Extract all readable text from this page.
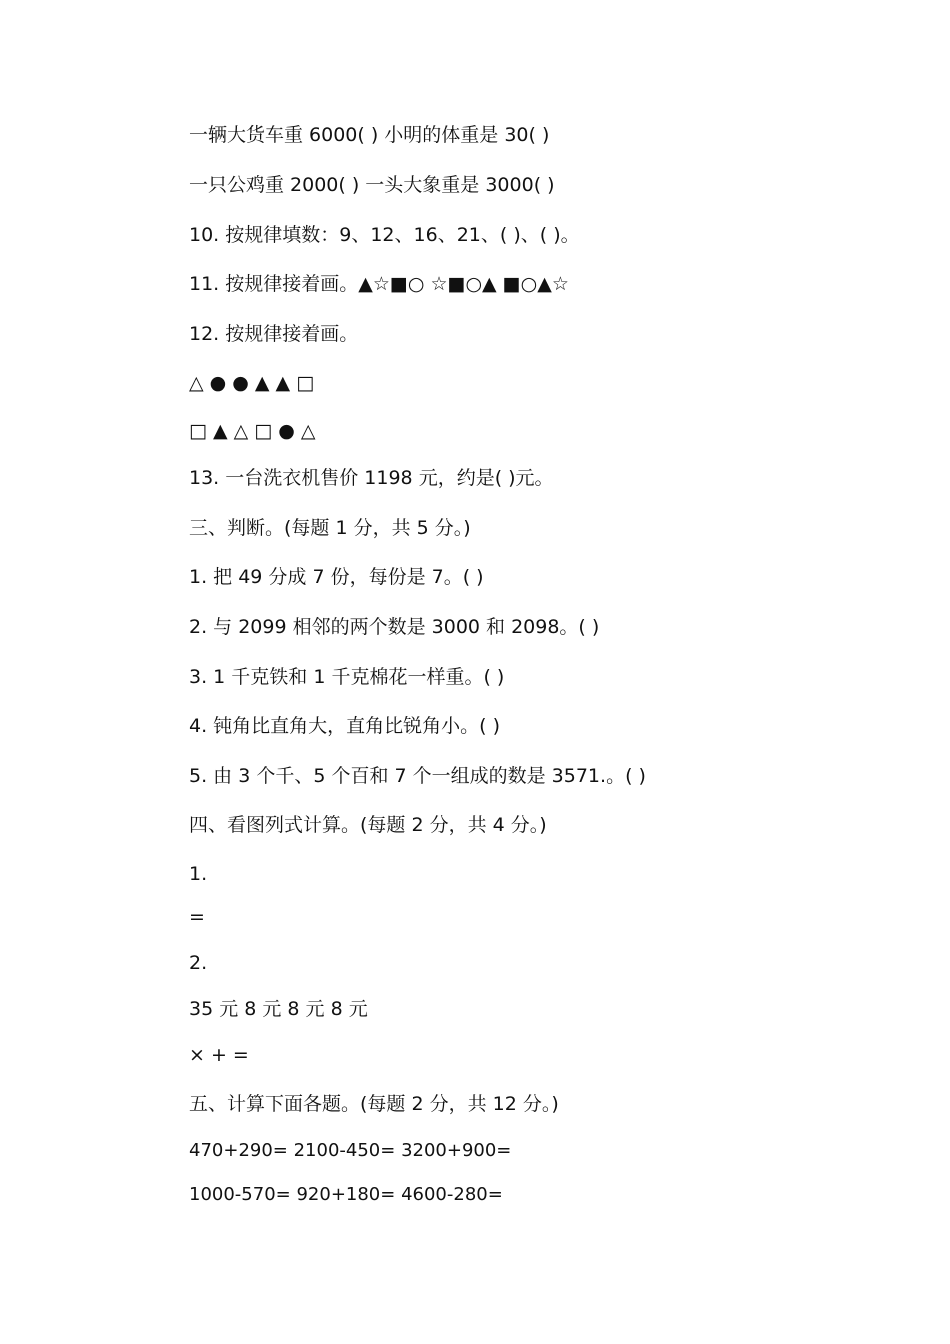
一辆大货车重 6000( ) 小明的体重是 30( )
一只公鸡重 2000( ) 一头大象重是 3000( )
10. 按规律填数：9、12、16、21、( )、( )。
11. 按规律接着画。▲☆■○ ☆■○▲ ■○▲☆
12. 按规律接着画。
△ ● ● ▲ ▲ □
□ ▲ △ □ ● △
13. 一台洗衣机售价 1198 元，约是( )元。
三、判断。(每题 1 分，共 5 分。)
1. 把 49 分成 7 份，每份是 7。( )
2. 与 2099 相邻的两个数是 3000 和 2098。( )
3. 1 千克铁和 1 千克棉花一样重。( )
4. 钝角比直角大，直角比锐角小。( )
5. 由 3 个千、5 个百和 7 个一组成的数是 3571.。( )
四、看图列式计算。(每题 2 分，共 4 分。)
1.
=
2.
35 元 8 元 8 元 8 元
× + =
五、计算下面各题。(每题 2 分，共 12 分。)
470+290= 2100-450= 3200+900=
1000-570= 920+180= 4600-280=
